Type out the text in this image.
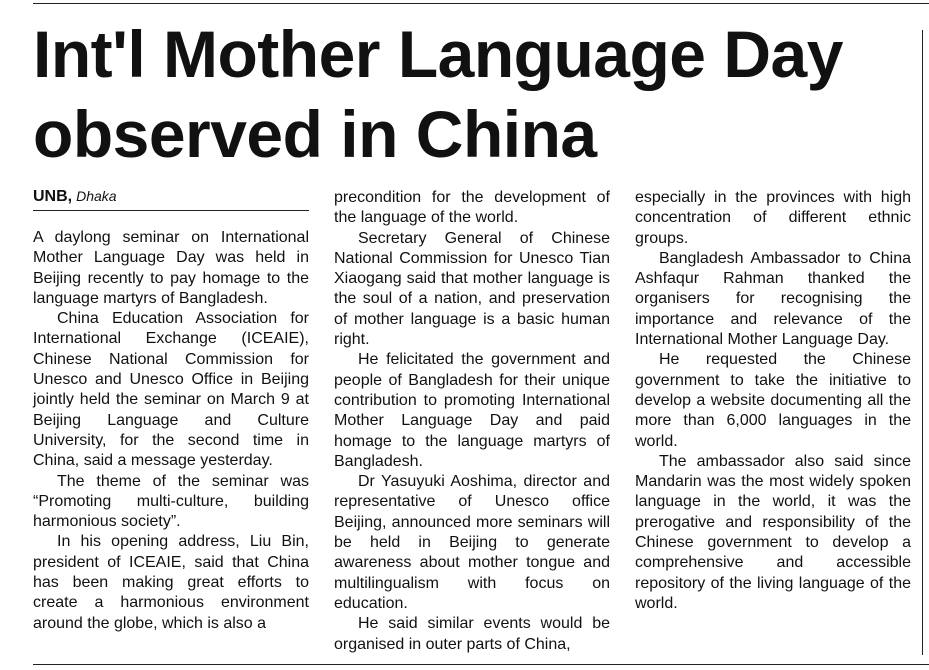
Int'l Mother Language Day observed in China
UNB, Dhaka

A daylong seminar on International Mother Language Day was held in Beijing recently to pay homage to the language martyrs of Bangladesh.

China Education Association for International Exchange (ICEAIE), Chinese National Commission for Unesco and Unesco Office in Beijing jointly held the seminar on March 9 at Beijing Language and Culture University, for the second time in China, said a message yesterday.

The theme of the seminar was “Promoting multi-culture, building harmonious society”.

In his opening address, Liu Bin, president of ICEAIE, said that China has been making great efforts to create a harmonious environment around the globe, which is also a

precondition for the development of the language of the world.

Secretary General of Chinese National Commission for Unesco Tian Xiaogang said that mother language is the soul of a nation, and preservation of mother language is a basic human right.

He felicitated the government and people of Bangladesh for their unique contribution to promoting International Mother Language Day and paid homage to the language martyrs of Bangladesh.

Dr Yasuyuki Aoshima, director and representative of Unesco office Beijing, announced more seminars will be held in Beijing to generate awareness about mother tongue and multilingualism with focus on education.

He said similar events would be organised in outer parts of China,

especially in the provinces with high concentration of different ethnic groups.

Bangladesh Ambassador to China Ashfaqur Rahman thanked the organisers for recognising the importance and relevance of the International Mother Language Day.

He requested the Chinese government to take the initiative to develop a website documenting all the more than 6,000 languages in the world.

The ambassador also said since Mandarin was the most widely spoken language in the world, it was the prerogative and responsibility of the Chinese government to develop a comprehensive and accessible repository of the living language of the world.
